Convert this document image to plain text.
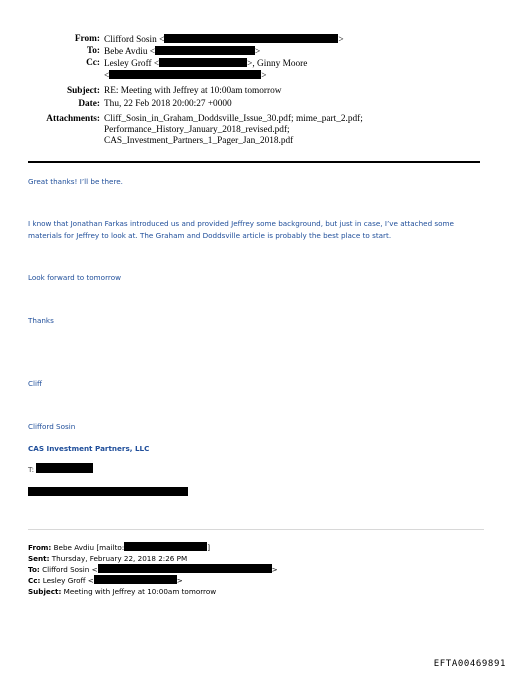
From: Clifford Sosin <	>
To: Bebe Avdiu <	>
Cc: Lesley Groff <	>, Ginny Moore
<	>
Subject: RE: Meeting with Jeffrey at 10:00am tomorrow
Date: Thu, 22 Feb 2018 20:00:27 +0000
Attachments: Cliff_Sosin_in_Graham_Doddsville_Issue_30.pdf; mime_part_2.pdf;
Performance_History_January_2018_revised.pdf;
CAS_Investment_Partners_1_Pager_Jan_2018.pdf
Great thanks! I’ll be there.
I know that Jonathan Farkas introduced us and provided Jeffrey some background, but just in case, I’ve attached some materials for Jeffrey to look at. The Graham and Doddsville article is probably the best place to start.
Look forward to tomorrow
Thanks
Cliff
Clifford Sosin
CAS Investment Partners, LLC
T:
From: Bebe Avdiu [mailto:	]
Sent: Thursday, February 22, 2018 2:26 PM
To: Clifford Sosin <	>
Cc: Lesley Groff <	>
Subject: Meeting with Jeffrey at 10:00am tomorrow
EFTA00469891
